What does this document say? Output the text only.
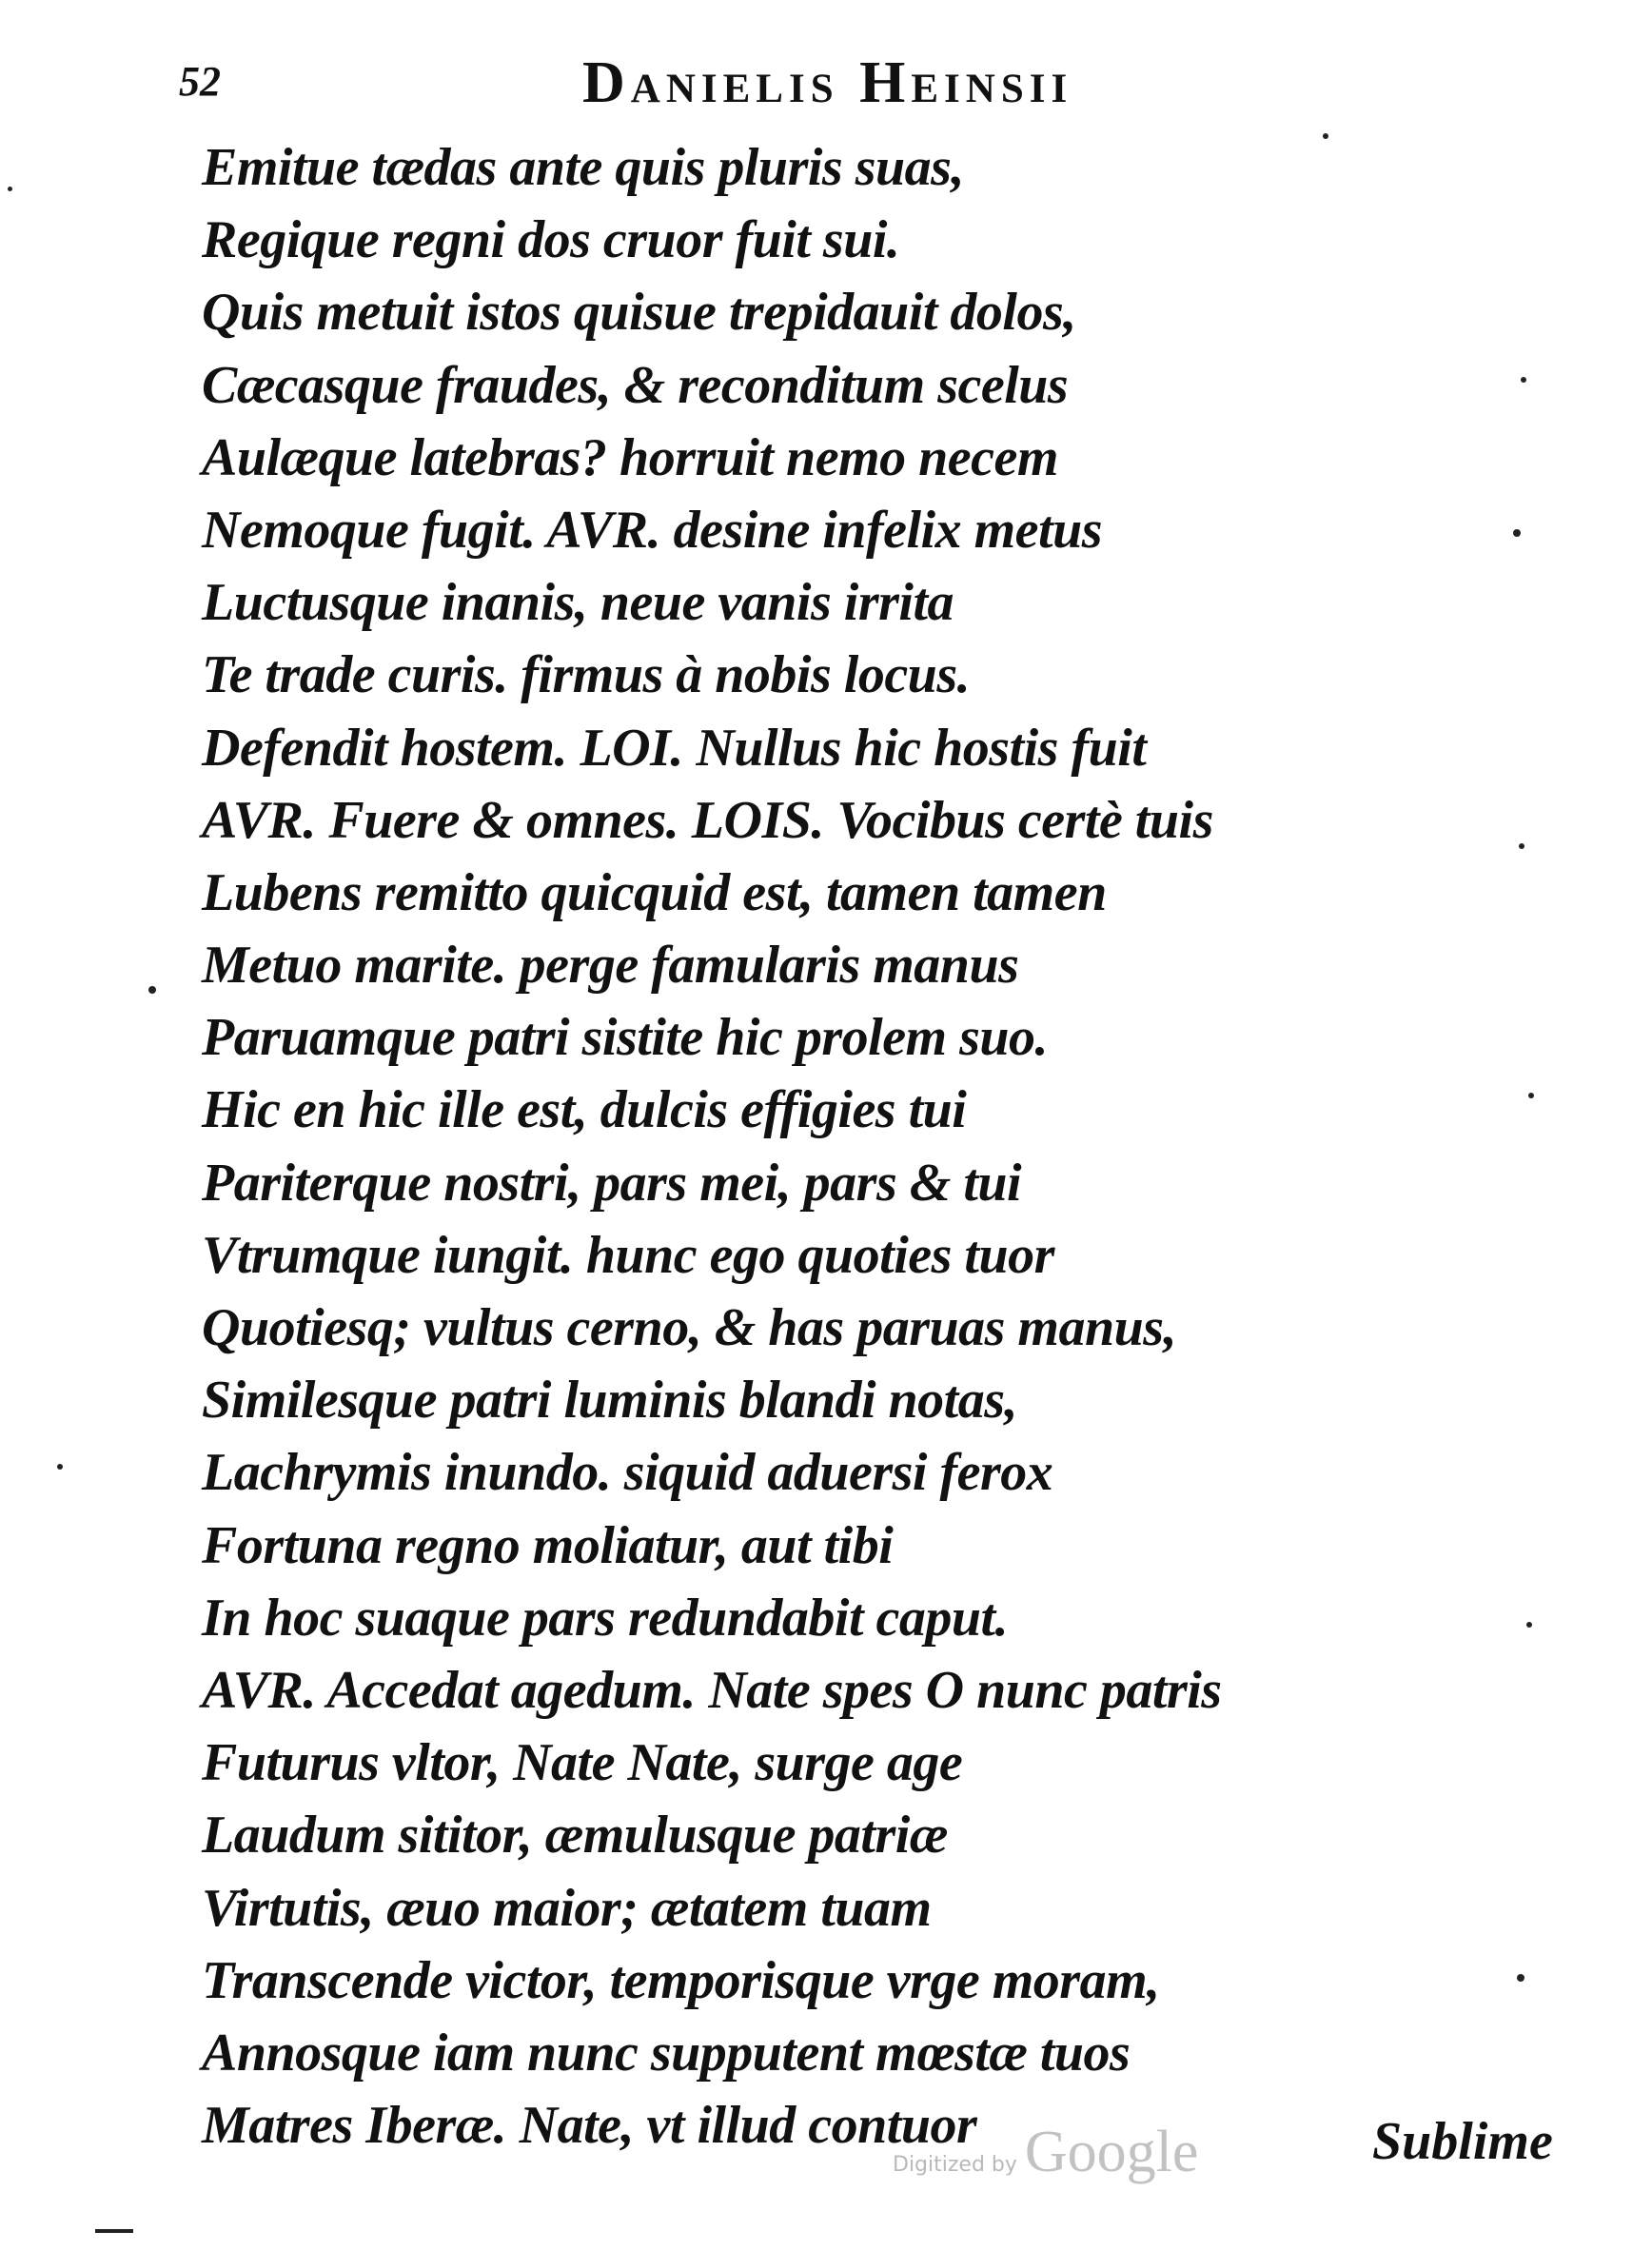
52	Danielis Heinsii
Emitue tædas ante quis pluris suas,
Regique regni dos cruor fuit sui.
Quis metuit istos quisue trepidauit dolos,
Cæcasque fraudes, & reconditum scelus
Aulæque latebras? horruit nemo necem
Nemoque fugit. AVR. desine infelix metus
Luctusque inanis, neue vanis irrita
Te trade curis. firmus à nobis locus.
Defendit hostem. LOI. Nullus hic hostis fuit
AVR. Fuere & omnes. LOIS. Vocibus certè tuis
Lubens remitto quicquid est, tamen tamen
Metuo marite. perge famularis manus
Paruamque patri sistite hic prolem suo.
Hic en hic ille est, dulcis effigies tui
Pariterque nostri, pars mei, pars & tui
Vtrumque iungit. hunc ego quoties tuor
Quotiesq; vultus cerno, & has paruas manus,
Similesque patri luminis blandi notas,
Lachrymis inundo. siquid aduersi ferox
Fortuna regno moliatur, aut tibi
In hoc suaque pars redundabit caput.
AVR. Accedat agedum. Nate spes O nunc patris
Futurus vltor, Nate Nate, surge age
Laudum sititor, æmulusque patriæ
Virtutis, æuo maior; ætatem tuam
Transcende victor, temporisque vrge moram,
Annosque iam nunc supputent mœstæ tuos
Matres Iberæ. Nate, vt illud contuor
Digitized by Google	Sublime
